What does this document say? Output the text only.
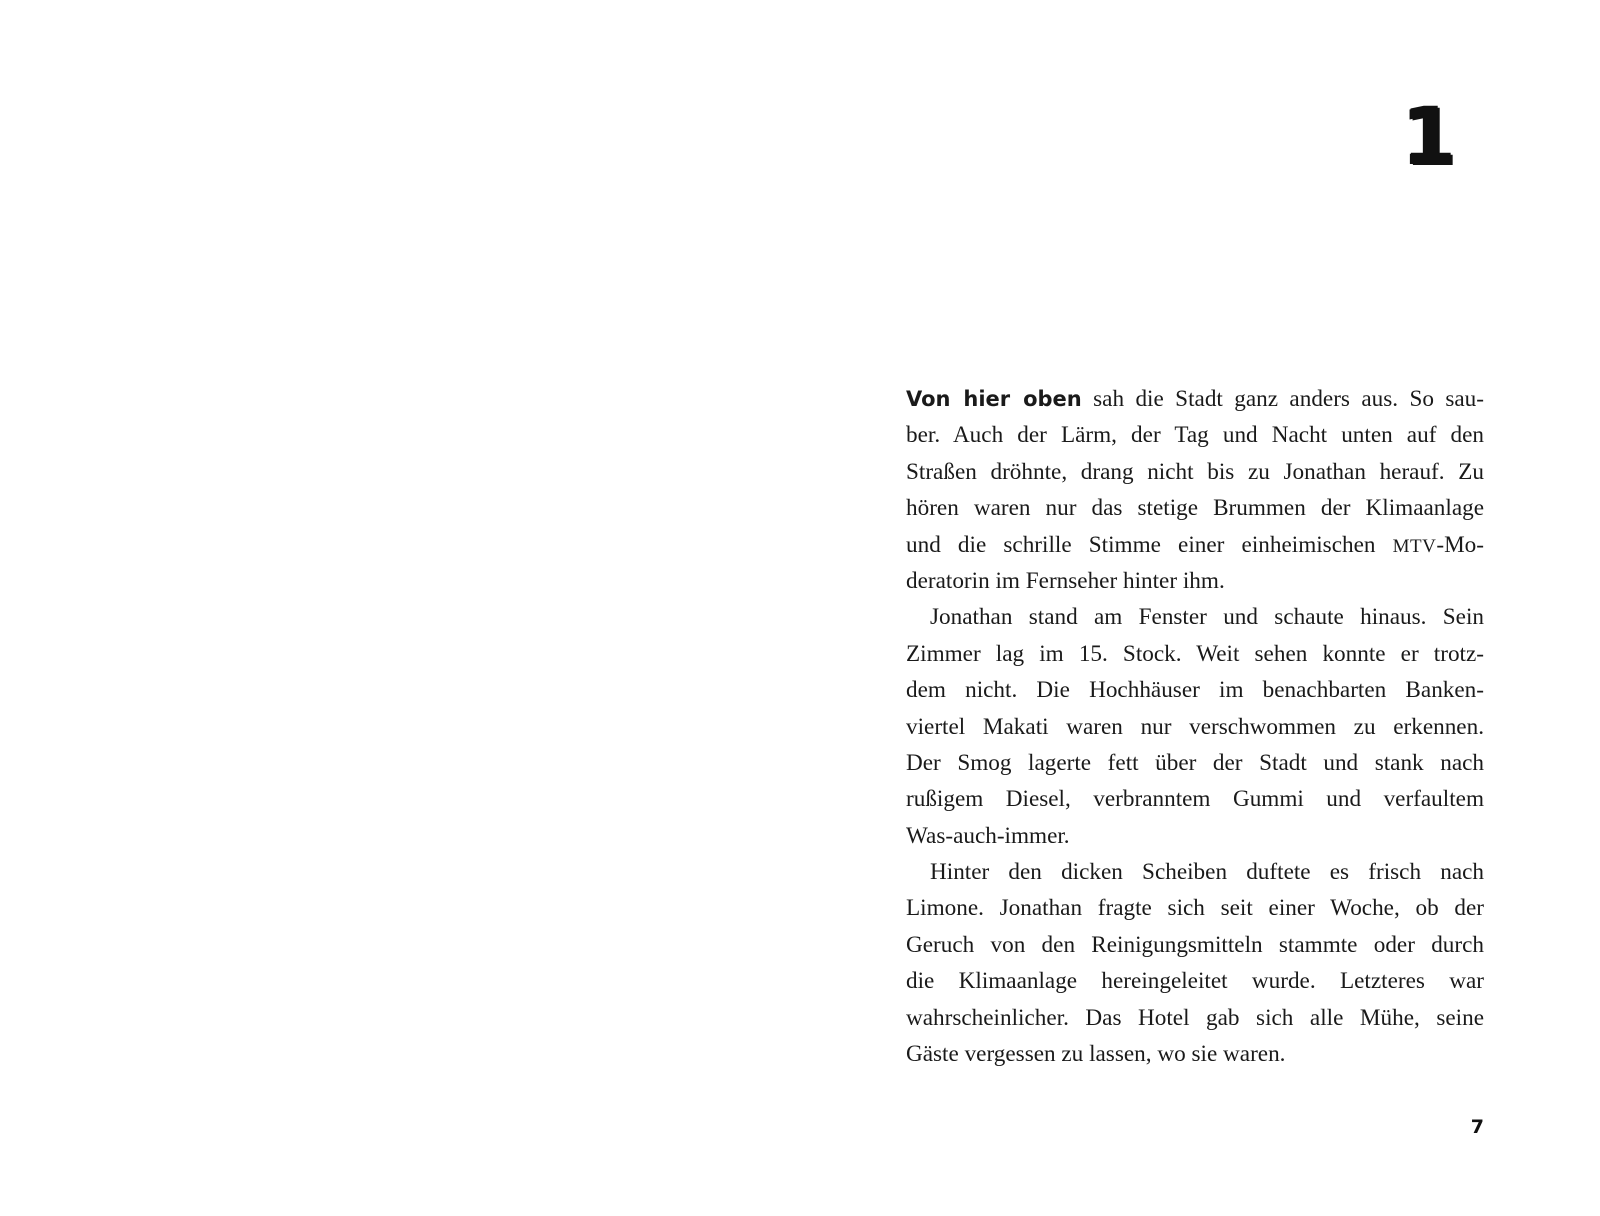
1
Von hier oben sah die Stadt ganz anders aus. So sau-
ber. Auch der Lärm, der Tag und Nacht unten auf den
Straßen dröhnte, drang nicht bis zu Jonathan herauf. Zu
hören waren nur das stetige Brummen der Klimaanlage
und die schrille Stimme einer einheimischen MTV-Mo-
deratorin im Fernseher hinter ihm.
Jonathan stand am Fenster und schaute hinaus. Sein
Zimmer lag im 15. Stock. Weit sehen konnte er trotz-
dem nicht. Die Hochhäuser im benachbarten Banken-
viertel Makati waren nur verschwommen zu erkennen.
Der Smog lagerte fett über der Stadt und stank nach
rußigem Diesel, verbranntem Gummi und verfaultem
Was-auch-immer.
Hinter den dicken Scheiben duftete es frisch nach
Limone. Jonathan fragte sich seit einer Woche, ob der
Geruch von den Reinigungsmitteln stammte oder durch
die Klimaanlage hereingeleitet wurde. Letzteres war
wahrscheinlicher. Das Hotel gab sich alle Mühe, seine
Gäste vergessen zu lassen, wo sie waren.
7
